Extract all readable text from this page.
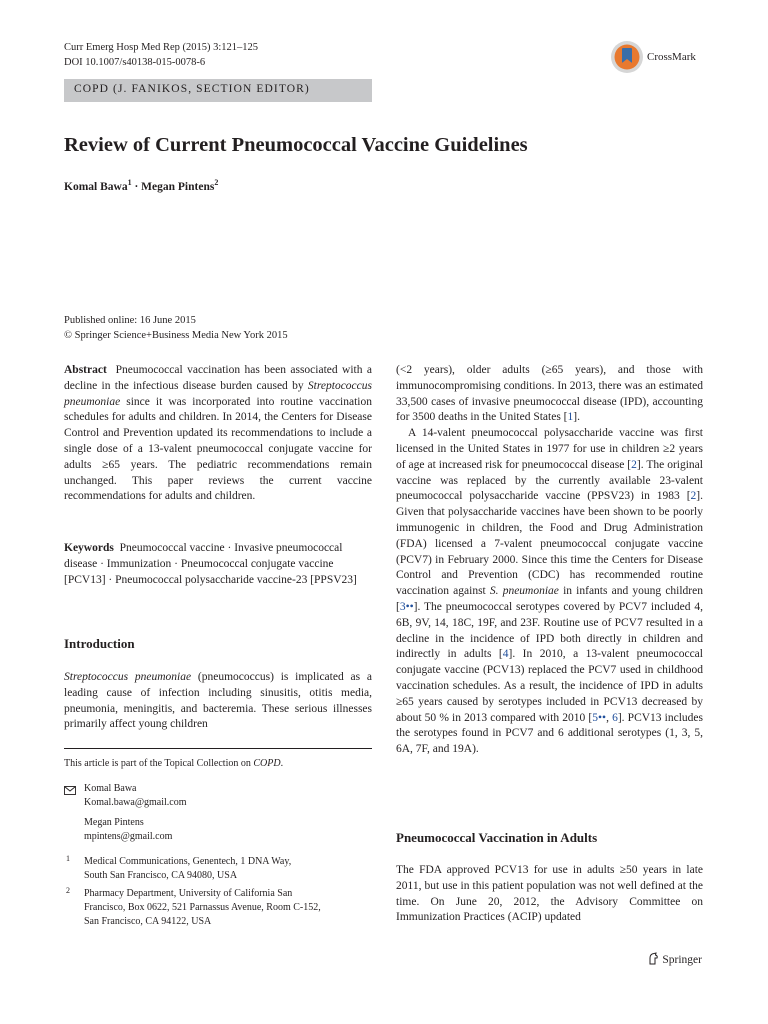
Curr Emerg Hosp Med Rep (2015) 3:121–125
DOI 10.1007/s40138-015-0078-6	CrossMark
COPD (J. FANIKOS, SECTION EDITOR)
Review of Current Pneumococcal Vaccine Guidelines
Komal Bawa$^1$ · Megan Pintens$^2$
Published online: 16 June 2015
© Springer Science+Business Media New York 2015

Abstract Pneumococcal vaccination has been associated with a decline in the infectious disease burden caused by Streptococcus pneumoniae since it was incorporated into routine vaccination schedules for adults and children. In 2014, the Centers for Disease Control and Prevention updated its recommendations to include a single dose of a 13-valent pneumococcal conjugate vaccine for adults ≥65 years. The pediatric recommendations remain unchanged. This paper reviews the current vaccine recommendations for adults and children.

Keywords Pneumococcal vaccine · Invasive pneumococcal disease · Immunization · Pneumococcal conjugate vaccine [PCV13] · Pneumococcal polysaccharide vaccine-23 [PPSV23]

Introduction

Streptococcus pneumoniae (pneumococcus) is implicated as a leading cause of infection including sinusitis, otitis media, pneumonia, meningitis, and bacteremia. These serious illnesses primarily affect young children

This article is part of the Topical Collection on COPD.
Komal Bawa
Komal.bawa@gmail.com
Megan Pintens
mpintens@gmail.com
1 Medical Communications, Genentech, 1 DNA Way,
South San Francisco, CA 94080, USA
2 Pharmacy Department, University of California San
Francisco, Box 0622, 521 Parnassus Avenue, Room C-152,
San Francisco, CA 94122, USA

(<2 years), older adults (≥65 years), and those with immunocompromising conditions. In 2013, there was an estimated 33,500 cases of invasive pneumococcal disease (IPD), accounting for 3500 deaths in the United States [1].

A 14-valent pneumococcal polysaccharide vaccine was first licensed in the United States in 1977 for use in children ≥2 years of age at increased risk for pneumococcal disease [2]. The original vaccine was replaced by the currently available 23-valent pneumococcal polysaccharide vaccine (PPSV23) in 1983 [2]. Given that polysaccharide vaccines have been shown to be poorly immunogenic in children, the Food and Drug Administration (FDA) licensed a 7-valent pneumococcal conjugate vaccine (PCV7) in February 2000. Since this time the Centers for Disease Control and Prevention (CDC) has recommended routine vaccination against S. pneumoniae in infants and young children [3••]. The pneumococcal serotypes covered by PCV7 included 4, 6B, 9V, 14, 18C, 19F, and 23F. Routine use of PCV7 resulted in a decline in the incidence of IPD both directly in children and indirectly in adults [4]. In 2010, a 13-valent pneumococcal conjugate vaccine (PCV13) replaced the PCV7 used in childhood vaccination schedules. As a result, the incidence of IPD in adults ≥65 years caused by serotypes included in PCV13 decreased by about 50 % in 2013 compared with 2010 [5••, 6]. PCV13 includes the serotypes found in PCV7 and 6 additional serotypes (1, 3, 5, 6A, 7F, and 19A).

Pneumococcal Vaccination in Adults

The FDA approved PCV13 for use in adults ≥50 years in late 2011, but use in this patient population was not well defined at the time. On June 20, 2012, the Advisory Committee on Immunization Practices (ACIP) updated

Springer
